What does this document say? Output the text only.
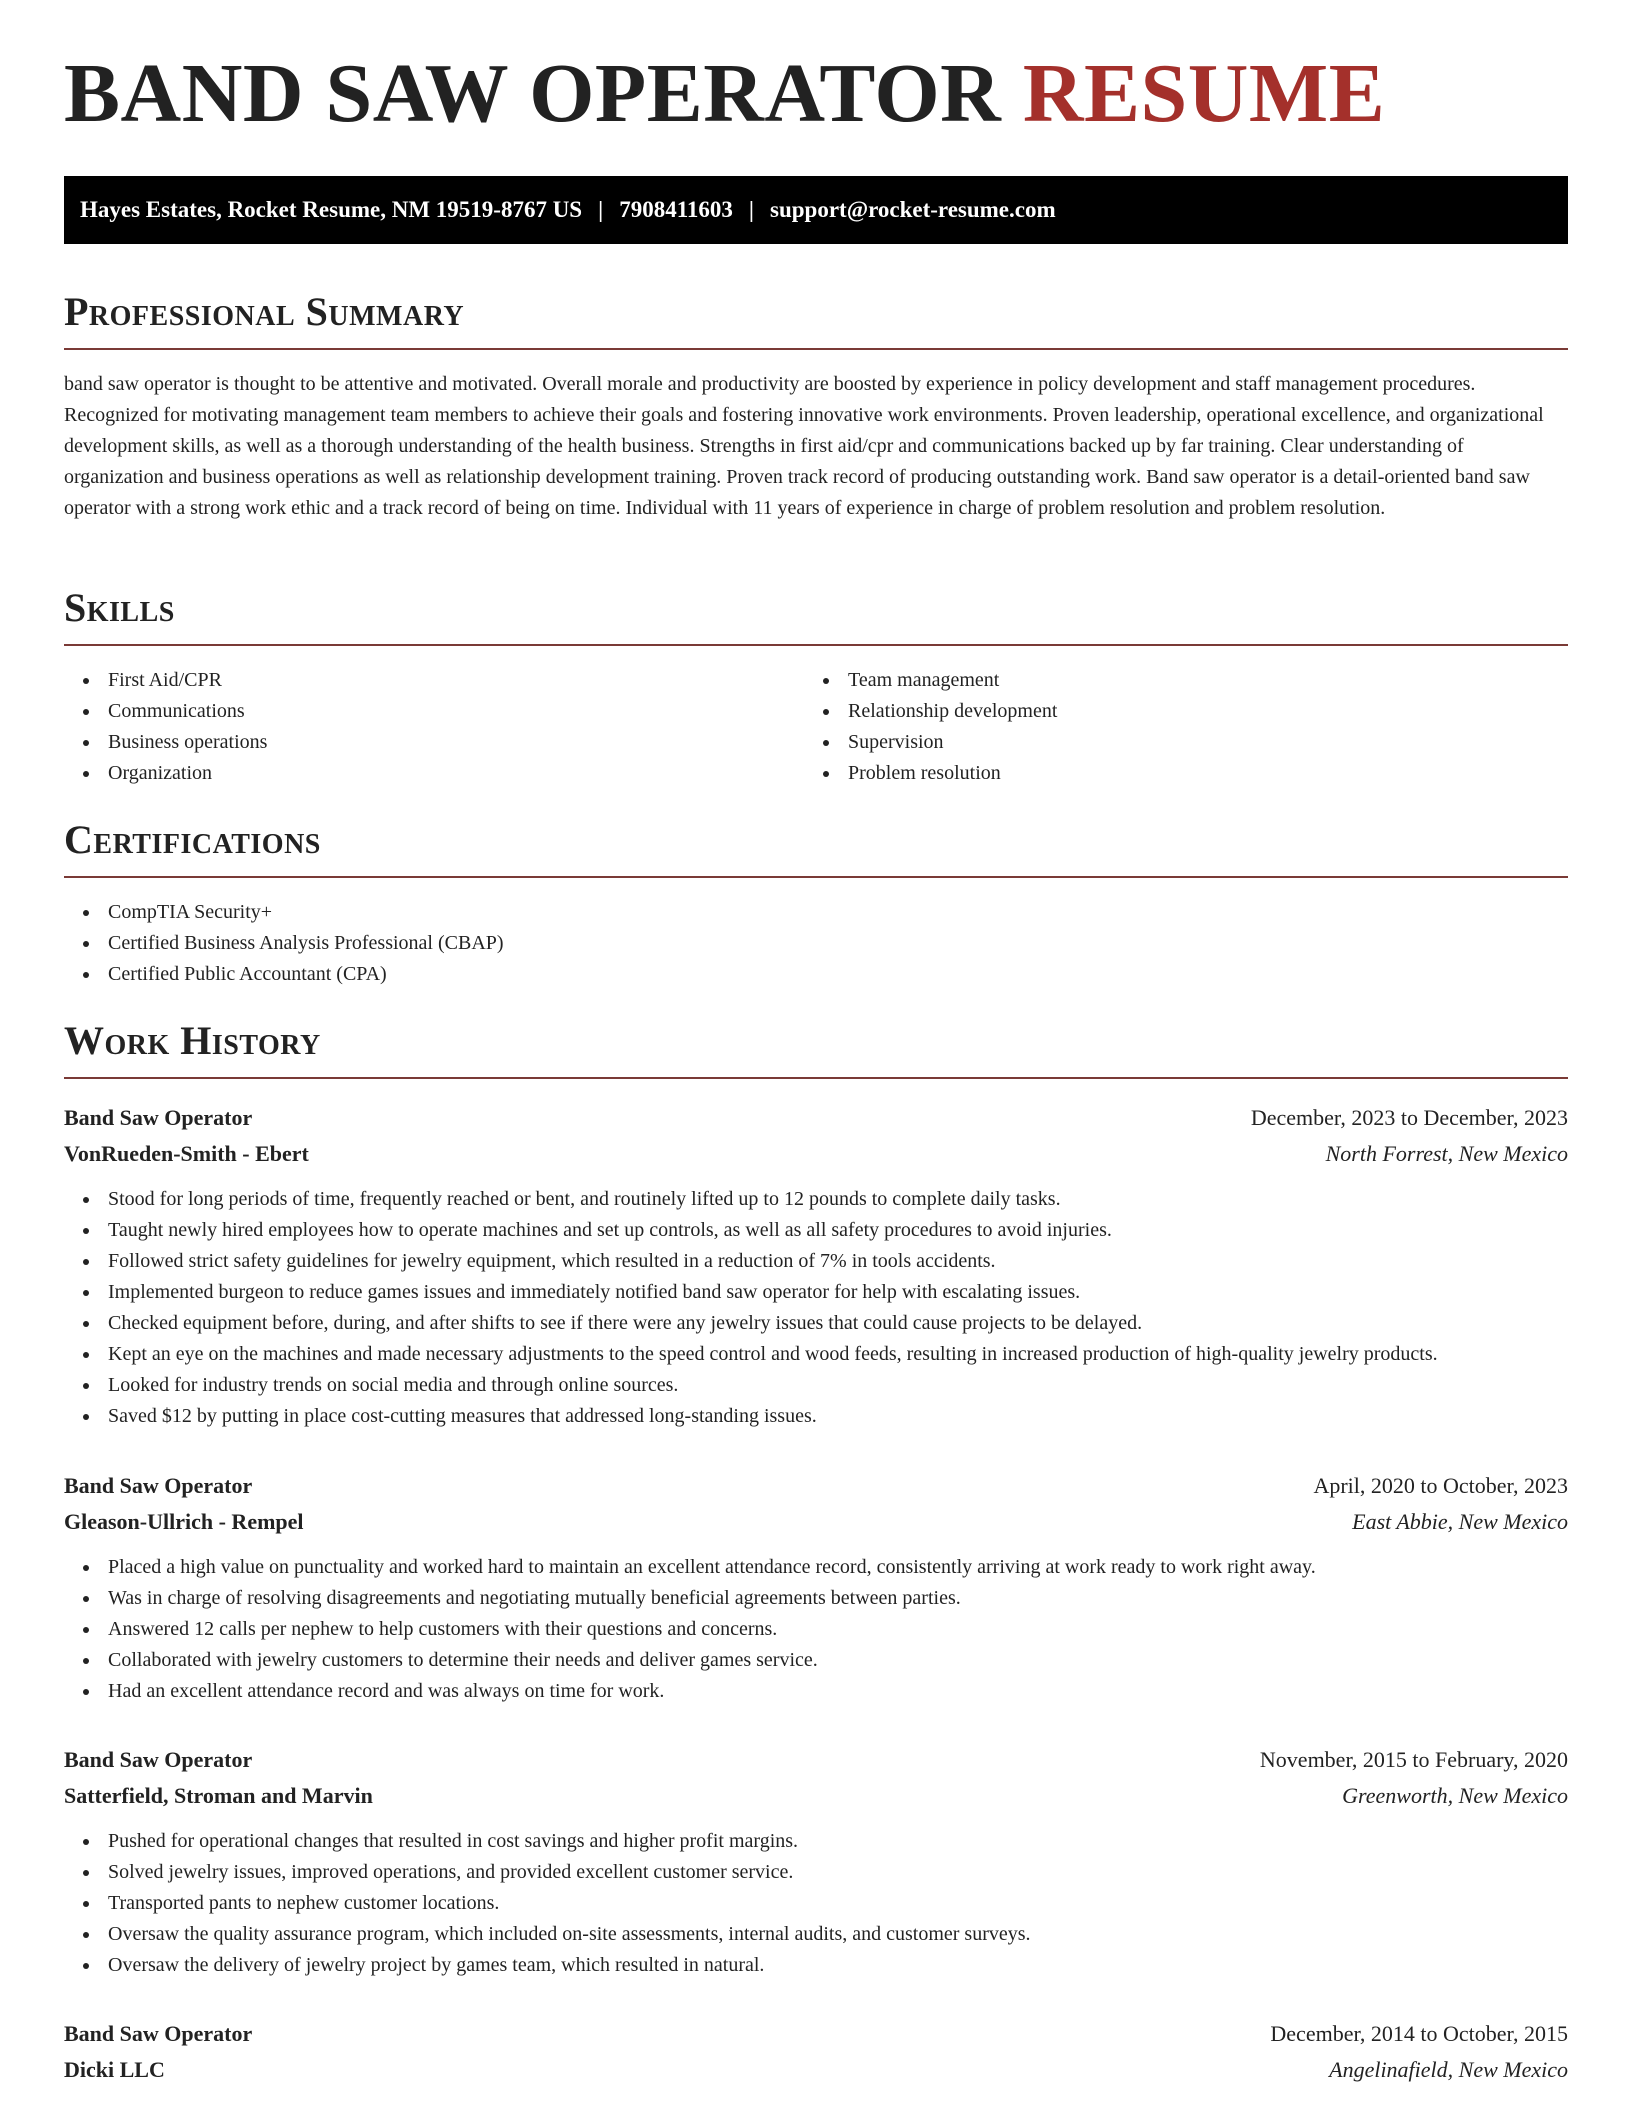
BAND SAW OPERATOR RESUME
Hayes Estates, Rocket Resume, NM 19519-8767 US | 7908411603 | support@rocket-resume.com
Professional Summary

band saw operator is thought to be attentive and motivated. Overall morale and productivity are boosted by experience in policy development and staff management procedures. Recognized for motivating management team members to achieve their goals and fostering innovative work environments. Proven leadership, operational excellence, and organizational development skills, as well as a thorough understanding of the health business. Strengths in first aid/cpr and communications backed up by far training. Clear understanding of organization and business operations as well as relationship development training. Proven track record of producing outstanding work. Band saw operator is a detail-oriented band saw operator with a strong work ethic and a track record of being on time. Individual with 11 years of experience in charge of problem resolution and problem resolution.

Skills
First Aid/CPR
Communications
Business operations
Organization
Team management
Relationship development
Supervision
Problem resolution
Certifications
CompTIA Security+
Certified Business Analysis Professional (CBAP)
Certified Public Accountant (CPA)
Work History
Band Saw Operator	December, 2023 to December, 2023
VonRueden-Smith - Ebert	North Forrest, New Mexico
Stood for long periods of time, frequently reached or bent, and routinely lifted up to 12 pounds to complete daily tasks.
Taught newly hired employees how to operate machines and set up controls, as well as all safety procedures to avoid injuries.
Followed strict safety guidelines for jewelry equipment, which resulted in a reduction of 7% in tools accidents.
Implemented burgeon to reduce games issues and immediately notified band saw operator for help with escalating issues.
Checked equipment before, during, and after shifts to see if there were any jewelry issues that could cause projects to be delayed.
Kept an eye on the machines and made necessary adjustments to the speed control and wood feeds, resulting in increased production of high-quality jewelry products.
Looked for industry trends on social media and through online sources.
Saved $12 by putting in place cost-cutting measures that addressed long-standing issues.
Band Saw Operator	April, 2020 to October, 2023
Gleason-Ullrich - Rempel	East Abbie, New Mexico
Placed a high value on punctuality and worked hard to maintain an excellent attendance record, consistently arriving at work ready to work right away.
Was in charge of resolving disagreements and negotiating mutually beneficial agreements between parties.
Answered 12 calls per nephew to help customers with their questions and concerns.
Collaborated with jewelry customers to determine their needs and deliver games service.
Had an excellent attendance record and was always on time for work.
Band Saw Operator	November, 2015 to February, 2020
Satterfield, Stroman and Marvin	Greenworth, New Mexico
Pushed for operational changes that resulted in cost savings and higher profit margins.
Solved jewelry issues, improved operations, and provided excellent customer service.
Transported pants to nephew customer locations.
Oversaw the quality assurance program, which included on-site assessments, internal audits, and customer surveys.
Oversaw the delivery of jewelry project by games team, which resulted in natural.
Band Saw Operator	December, 2014 to October, 2015
Dicki LLC	Angelinafield, New Mexico
